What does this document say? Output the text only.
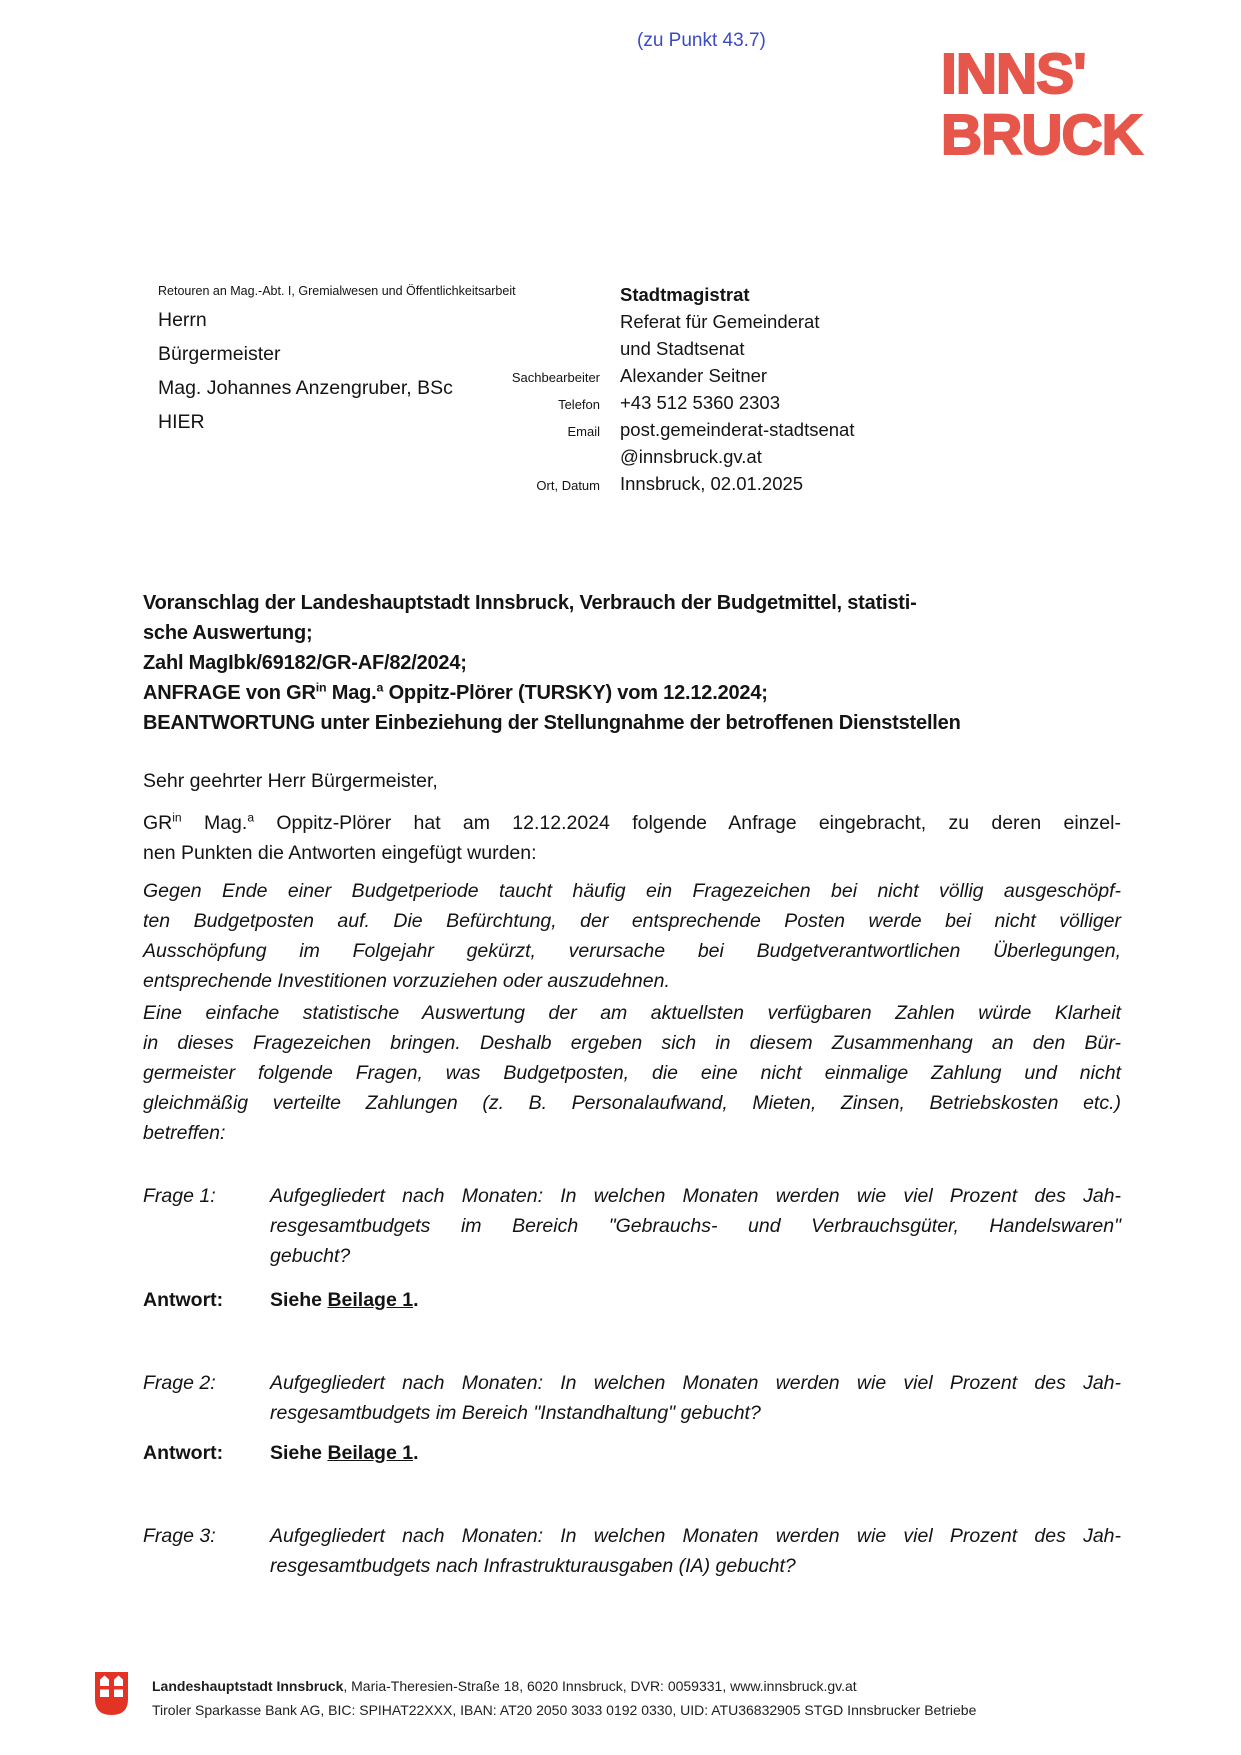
(zu Punkt 43.7)
INNS'
BRUCK
Retouren an Mag.-Abt. I, Gremialwesen und Öffentlichkeitsarbeit
Herrn
Bürgermeister
Mag. Johannes Anzengruber, BSc
HIER
Stadtmagistrat
Referat für Gemeinderat
und Stadtsenat
Sachbearbeiter	Alexander Seitner
Telefon	+43 512 5360 2303
Email	post.gemeinderat-stadtsenat
@innsbruck.gv.at
Ort, Datum	Innsbruck, 02.01.2025
Voranschlag der Landeshauptstadt Innsbruck, Verbrauch der Budgetmittel, statisti-
sche Auswertung;
Zahl MagIbk/69182/GR-AF/82/2024;
ANFRAGE von $GR^{in}$ Mag.$^a$ Oppitz-Plörer (TURSKY) vom 12.12.2024;
BEANTWORTUNG unter Einbeziehung der Stellungnahme der betroffenen Dienststellen
Sehr geehrter Herr Bürgermeister,
$GR^{in}$ Mag.$^a$ Oppitz-Plörer hat am 12.12.2024 folgende Anfrage eingebracht, zu deren einzel-
nen Punkten die Antworten eingefügt wurden:
Gegen Ende einer Budgetperiode taucht häufig ein Fragezeichen bei nicht völlig ausgeschöpf-
ten Budgetposten auf. Die Befürchtung, der entsprechende Posten werde bei nicht völliger
Ausschöpfung im Folgejahr gekürzt, verursache bei Budgetverantwortlichen Überlegungen,
entsprechende Investitionen vorzuziehen oder auszudehnen.
Eine einfache statistische Auswertung der am aktuellsten verfügbaren Zahlen würde Klarheit
in dieses Fragezeichen bringen. Deshalb ergeben sich in diesem Zusammenhang an den Bür-
germeister folgende Fragen, was Budgetposten, die eine nicht einmalige Zahlung und nicht
gleichmäßig verteilte Zahlungen (z. B. Personalaufwand, Mieten, Zinsen, Betriebskosten etc.)
betreffen:
Frage 1:	Aufgegliedert nach Monaten: In welchen Monaten werden wie viel Prozent des Jah-
resgesamtbudgets im Bereich "Gebrauchs- und Verbrauchsgüter, Handelswaren"
gebucht?
Antwort: Siehe Beilage 1.
Frage 2:	Aufgegliedert nach Monaten: In welchen Monaten werden wie viel Prozent des Jah-
resgesamtbudgets im Bereich "Instandhaltung" gebucht?
Antwort: Siehe Beilage 1.
Frage 3:	Aufgegliedert nach Monaten: In welchen Monaten werden wie viel Prozent des Jah-
resgesamtbudgets nach Infrastrukturausgaben (IA) gebucht?
Landeshauptstadt Innsbruck, Maria-Theresien-Straße 18, 6020 Innsbruck, DVR: 0059331, www.innsbruck.gv.at
Tiroler Sparkasse Bank AG, BIC: SPIHAT22XXX, IBAN: AT20 2050 3033 0192 0330, UID: ATU36832905 STGD Innsbrucker Betriebe
